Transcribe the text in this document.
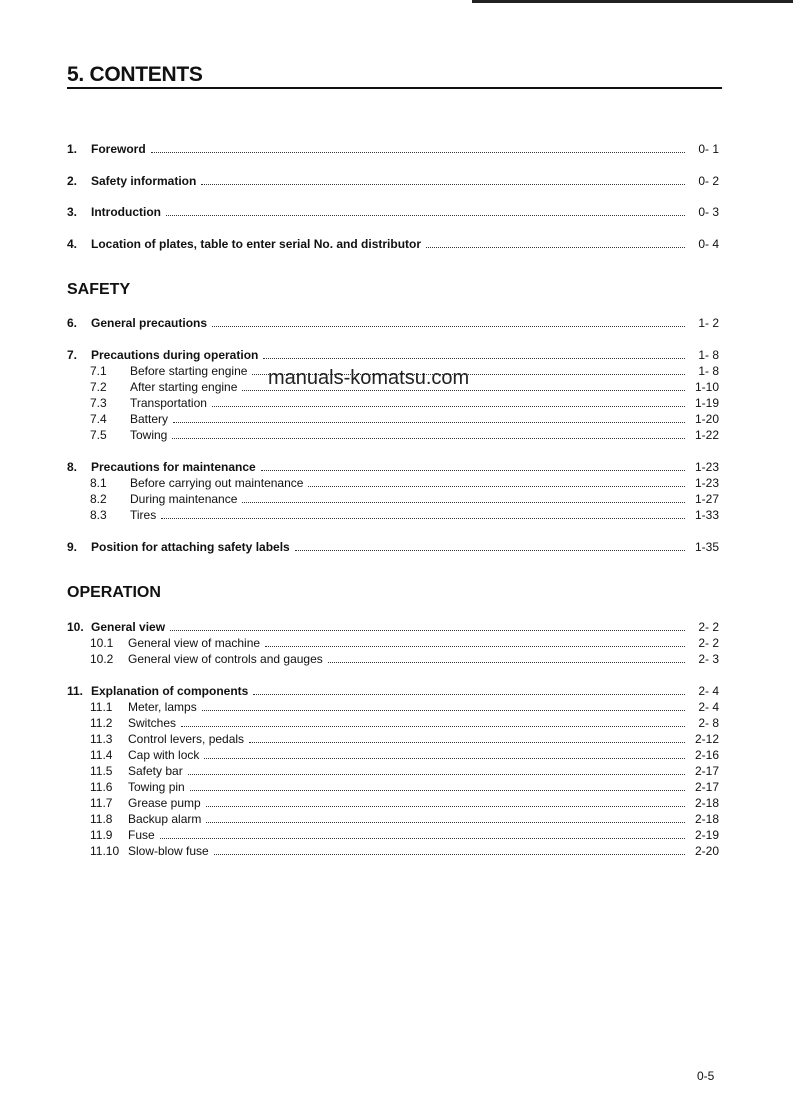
5. CONTENTS
1.	Foreword	0- 1
2.	Safety information	0- 2
3.	Introduction	0- 3
4.	Location of plates, table to enter serial No. and distributor	0- 4
SAFETY
6.	General precautions	1- 2
7.	Precautions during operation	1- 8
7.1	Before starting engine	1- 8
7.2	After starting engine	1-10
7.3	Transportation	1-19
7.4	Battery	1-20
7.5	Towing	1-22
8.	Precautions for maintenance	1-23
8.1	Before carrying out maintenance	1-23
8.2	During maintenance	1-27
8.3	Tires	1-33
9.	Position for attaching safety labels	1-35
OPERATION
10. General view	2- 2
10.1	General view of machine	2- 2
10.2	General view of controls and gauges	2- 3
11. Explanation of components	2- 4
11.1	Meter, lamps	2- 4
11.2	Switches	2- 8
11.3	Control levers, pedals	2-12
11.4	Cap with lock	2-16
11.5	Safety bar	2-17
11.6	Towing pin	2-17
11.7	Grease pump	2-18
11.8	Backup alarm	2-18
11.9	Fuse	2-19
11.10 Slow-blow fuse	2-20
manuals-komatsu.com
0-5
